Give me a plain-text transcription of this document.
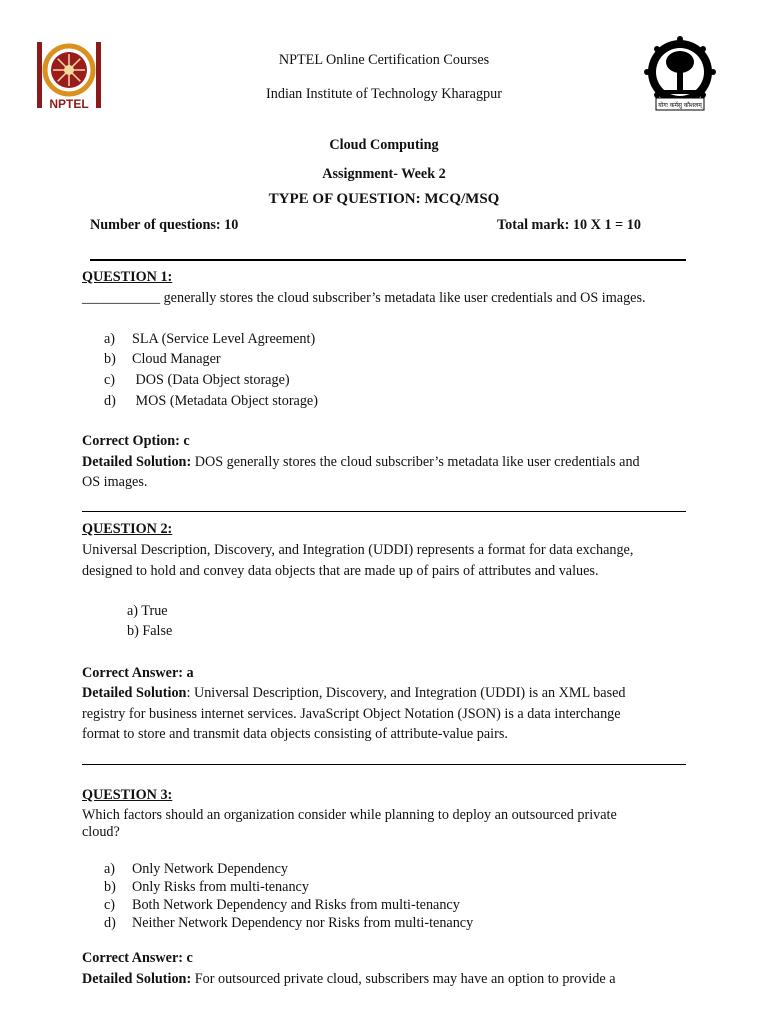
NPTEL	योगः कर्मसु कौशलम्
NPTEL Online Certification Courses
Indian Institute of Technology Kharagpur
Cloud Computing
Assignment- Week 2
TYPE OF QUESTION: MCQ/MSQ
Number of questions: 10	Total mark: 10 X 1 = 10
QUESTION 1:
___________ generally stores the cloud subscriber’s metadata like user credentials and OS images.
a) SLA (Service Level Agreement)
b) Cloud Manager
c) DOS (Data Object storage)
d) MOS (Metadata Object storage)
Correct Option: c
Detailed Solution: DOS generally stores the cloud subscriber’s metadata like user credentials and
OS images.
QUESTION 2:
Universal Description, Discovery, and Integration (UDDI) represents a format for data exchange,
designed to hold and convey data objects that are made up of pairs of attributes and values.
a) True
b) False
Correct Answer: a
Detailed Solution: Universal Description, Discovery, and Integration (UDDI) is an XML based
registry for business internet services. JavaScript Object Notation (JSON) is a data interchange
format to store and transmit data objects consisting of attribute-value pairs.
QUESTION 3:
Which factors should an organization consider while planning to deploy an outsourced private
cloud?
a) Only Network Dependency
b) Only Risks from multi-tenancy
c) Both Network Dependency and Risks from multi-tenancy
d) Neither Network Dependency nor Risks from multi-tenancy
Correct Answer: c
Detailed Solution: For outsourced private cloud, subscribers may have an option to provide a
